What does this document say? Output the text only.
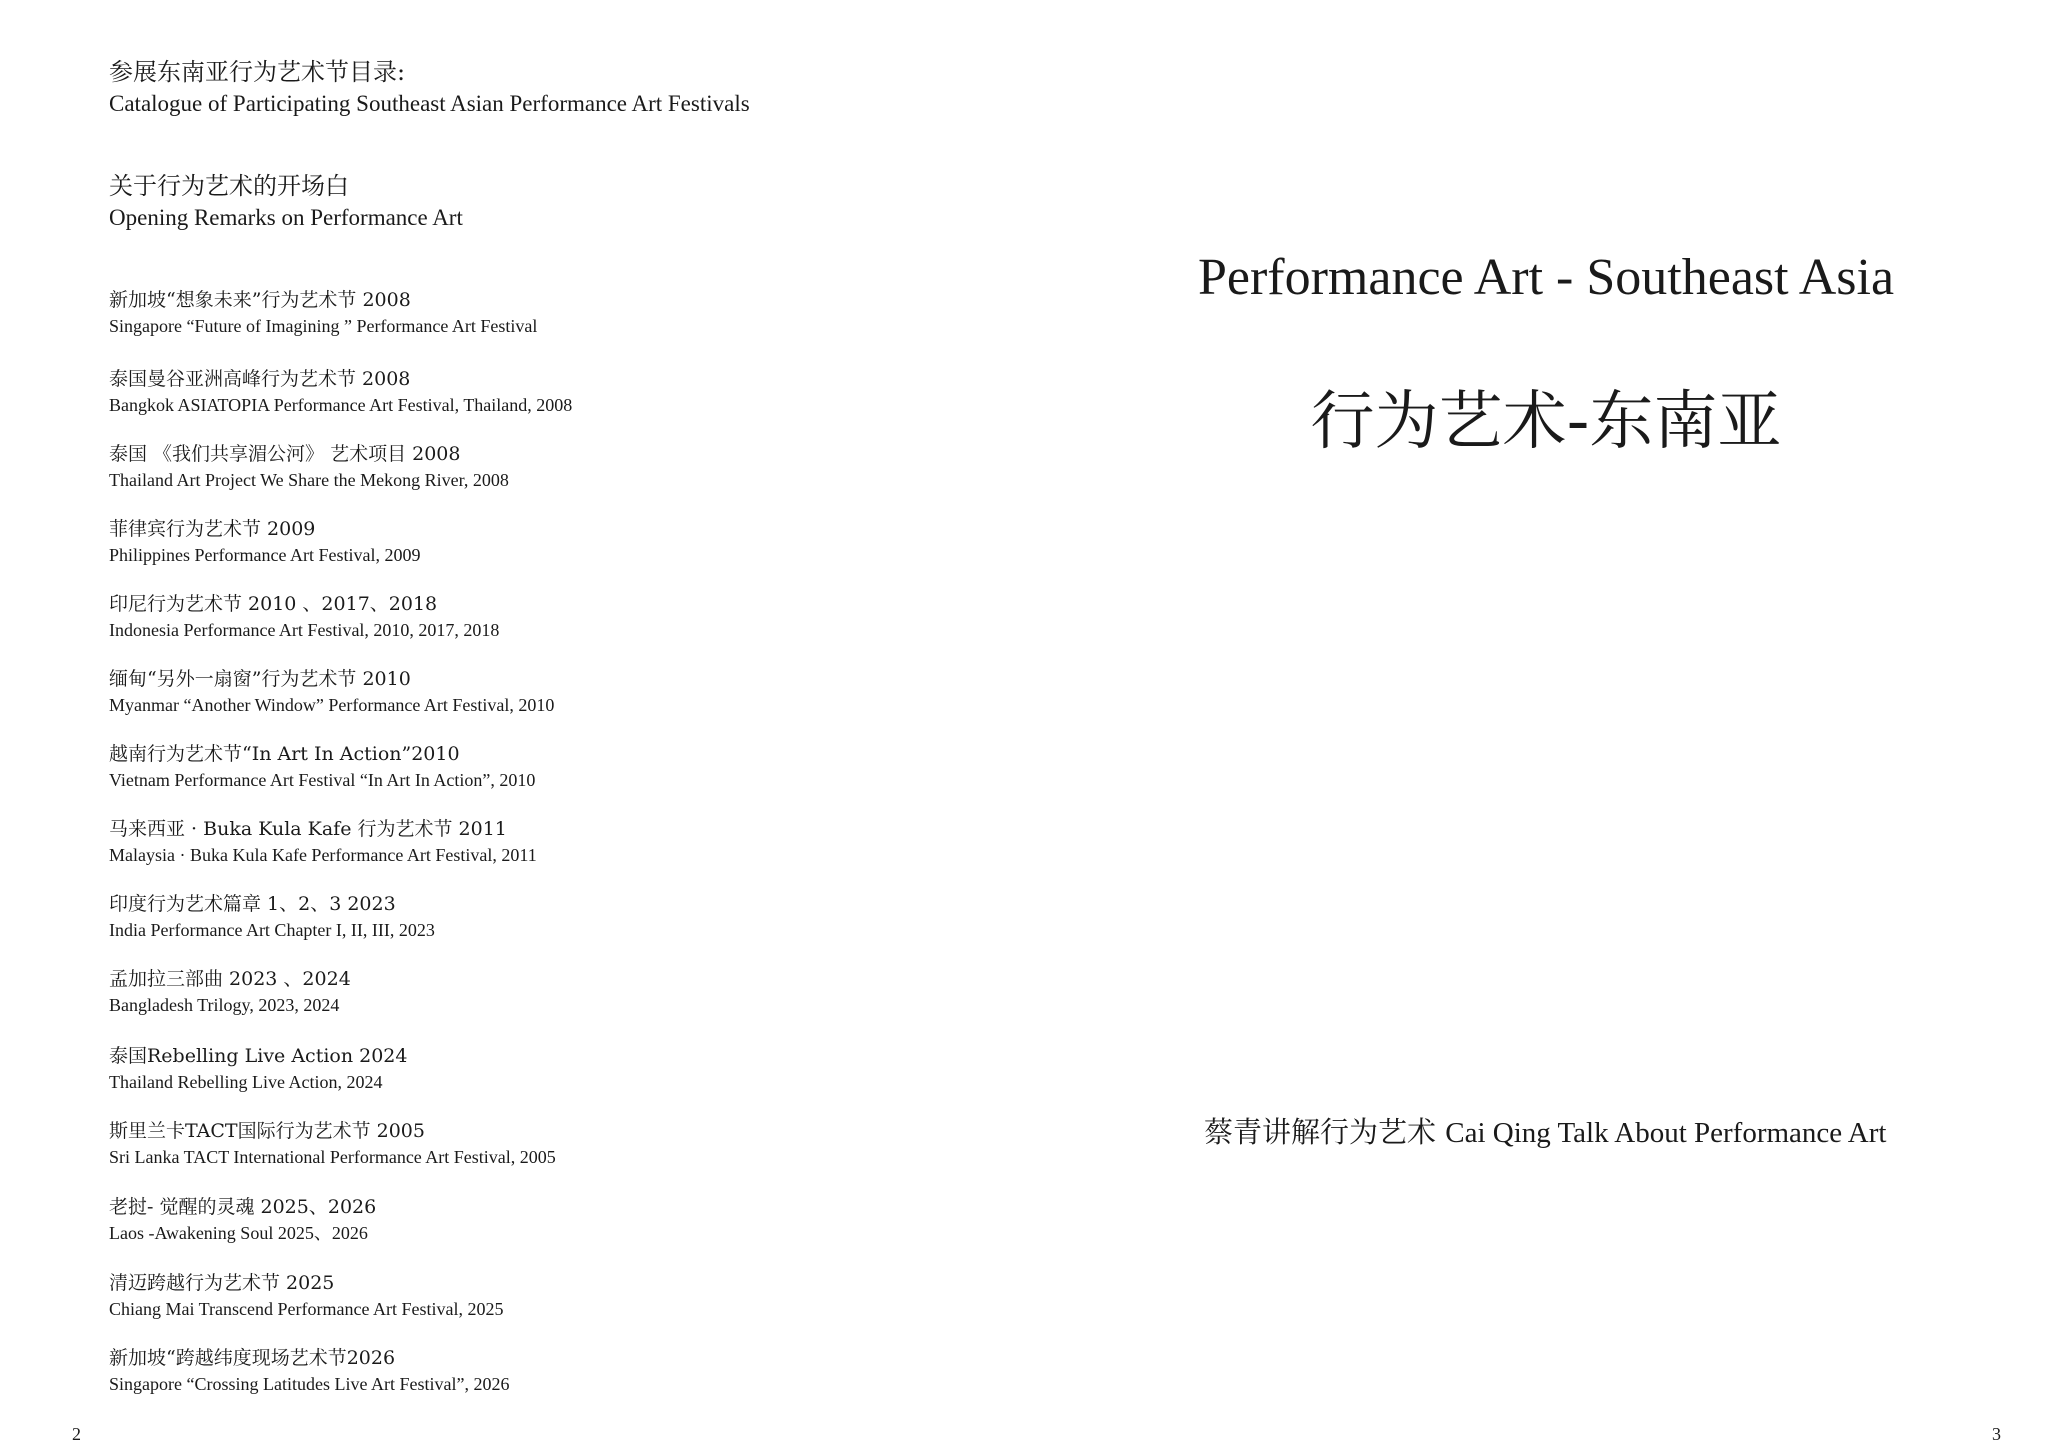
参展东南亚行为艺术节目录:
Catalogue of Participating Southeast Asian Performance Art Festivals
关于行为艺术的开场白
Opening Remarks on Performance Art
新加坡“想象未来”行为艺术节 2008
Singapore “Future of Imagining ” Performance Art Festival
泰国曼谷亚洲高峰行为艺术节 2008
Bangkok ASIATOPIA Performance Art Festival, Thailand, 2008
泰国 《我们共享湄公河》 艺术项目 2008
Thailand Art Project We Share the Mekong River, 2008
菲律宾行为艺术节 2009
Philippines Performance Art Festival, 2009
印尼行为艺术节 2010 、2017、2018
Indonesia Performance Art Festival, 2010, 2017, 2018
缅甸“另外一扇窗”行为艺术节 2010
Myanmar “Another Window” Performance Art Festival, 2010
越南行为艺术节“In Art In Action”2010
Vietnam Performance Art Festival “In Art In Action”, 2010
马来西亚 · Buka Kula Kafe 行为艺术节 2011
Malaysia · Buka Kula Kafe Performance Art Festival, 2011
印度行为艺术篇章 1、2、3 2023
India Performance Art Chapter I, II, III, 2023
孟加拉三部曲 2023 、2024
Bangladesh Trilogy, 2023, 2024
泰国Rebelling Live Action 2024
Thailand Rebelling Live Action, 2024
斯里兰卡TACT国际行为艺术节 2005
Sri Lanka TACT International Performance Art Festival, 2005
老挝- 觉醒的灵魂 2025、2026
Laos -Awakening Soul 2025、2026
清迈跨越行为艺术节 2025
Chiang Mai Transcend Performance Art Festival, 2025
新加坡“跨越纬度现场艺术节2026
Singapore “Crossing Latitudes Live Art Festival”, 2026
2
Performance Art - Southeast Asia
行为艺术-东南亚
蔡青讲解行为艺术 Cai Qing Talk About Performance Art
3
